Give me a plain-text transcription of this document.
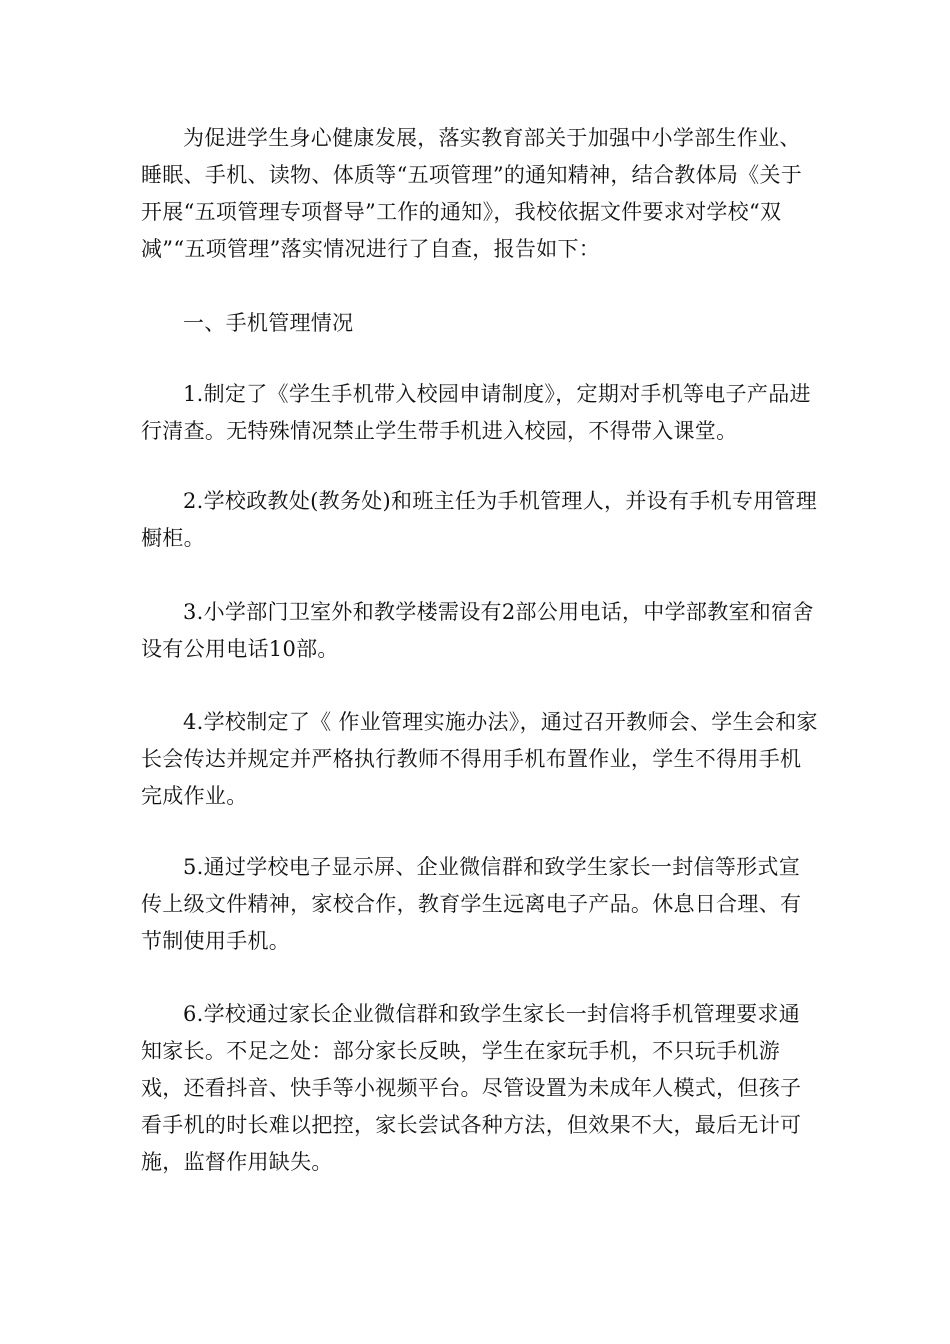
为促进学生身心健康发展，落实教育部关于加强中小学部生作业、睡眠、手机、读物、体质等“五项管理”的通知精神，结合教体局《关于开展“五项管理专项督导”工作的通知》，我校依据文件要求对学校“双减”“五项管理”落实情况进行了自查，报告如下：

一、手机管理情况

1.制定了《学生手机带入校园申请制度》，定期对手机等电子产品进行清查。无特殊情况禁止学生带手机进入校园，不得带入课堂。

2.学校政教处(教务处)和班主任为手机管理人，并设有手机专用管理橱柜。

3.小学部门卫室外和教学楼需设有2部公用电话，中学部教室和宿舍设有公用电话10部。

4.学校制定了《 作业管理实施办法》，通过召开教师会、学生会和家长会传达并规定并严格执行教师不得用手机布置作业，学生不得用手机完成作业。

5.通过学校电子显示屏、企业微信群和致学生家长一封信等形式宣传上级文件精神，家校合作，教育学生远离电子产品。休息日合理、有节制使用手机。

6.学校通过家长企业微信群和致学生家长一封信将手机管理要求通知家长。不足之处：部分家长反映，学生在家玩手机，不只玩手机游戏，还看抖音、快手等小视频平台。尽管设置为未成年人模式，但孩子看手机的时长难以把控，家长尝试各种方法，但效果不大，最后无计可施，监督作用缺失。
